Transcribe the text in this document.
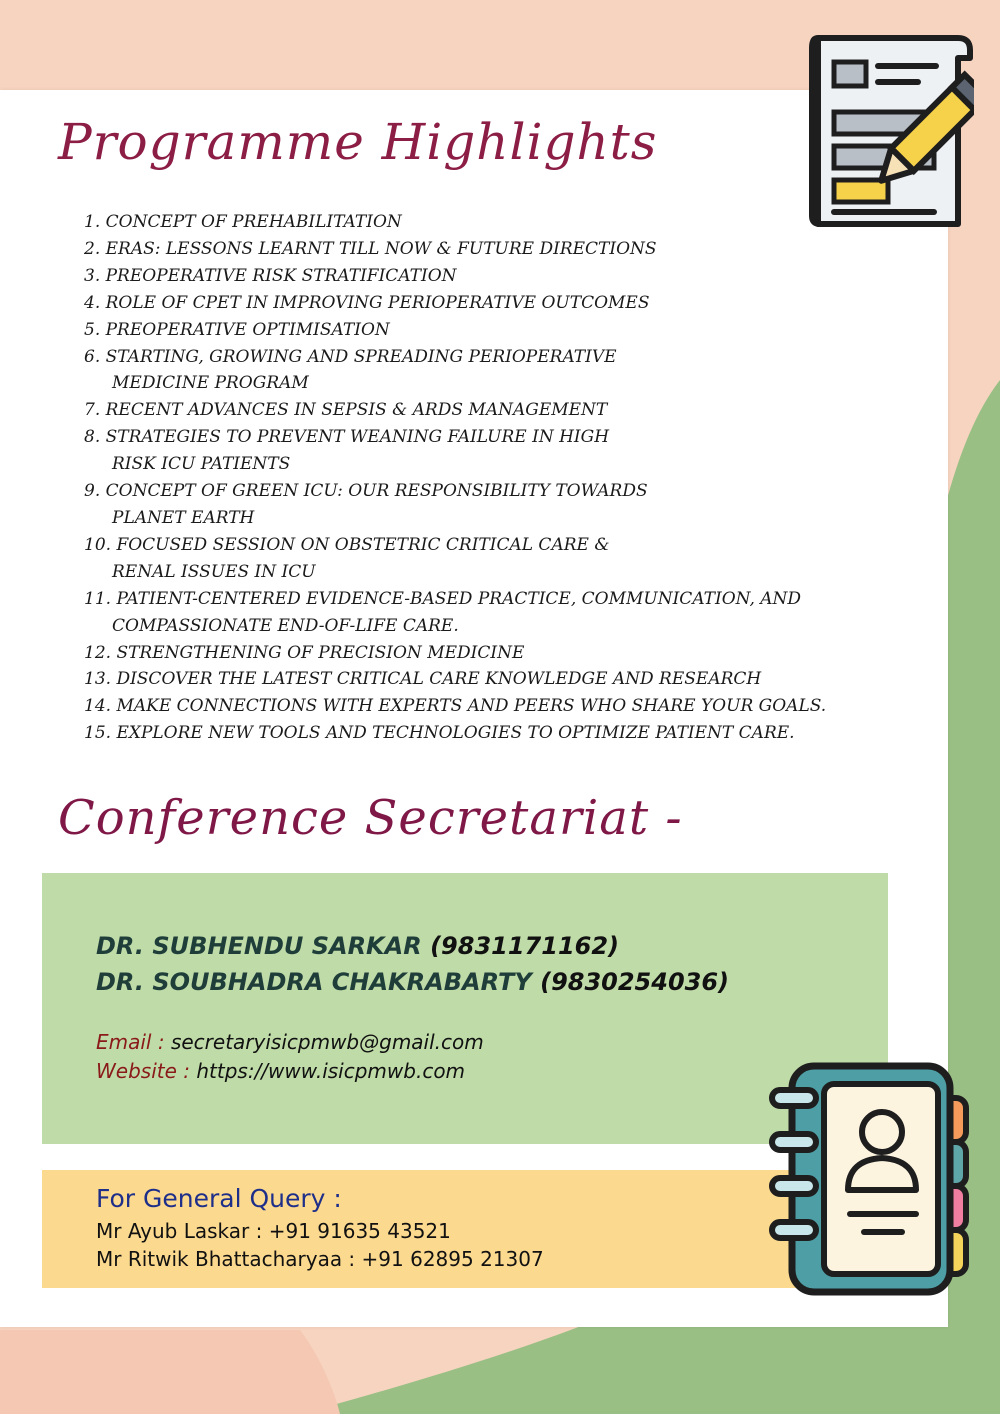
Programme Highlights
1. CONCEPT OF PREHABILITATION
2. ERAS: LESSONS LEARNT TILL NOW & FUTURE DIRECTIONS
3. PREOPERATIVE RISK STRATIFICATION
4. ROLE OF CPET IN IMPROVING PERIOPERATIVE OUTCOMES
5. PREOPERATIVE OPTIMISATION
6. STARTING, GROWING AND SPREADING PERIOPERATIVE
MEDICINE PROGRAM
7. RECENT ADVANCES IN SEPSIS & ARDS MANAGEMENT
8. STRATEGIES TO PREVENT WEANING FAILURE IN HIGH
RISK ICU PATIENTS
9. CONCEPT OF GREEN ICU: OUR RESPONSIBILITY TOWARDS
PLANET EARTH
10. FOCUSED SESSION ON OBSTETRIC CRITICAL CARE &
RENAL ISSUES IN ICU
11. PATIENT-CENTERED EVIDENCE-BASED PRACTICE, COMMUNICATION, AND
COMPASSIONATE END-OF-LIFE CARE.
12. STRENGTHENING OF PRECISION MEDICINE
13. DISCOVER THE LATEST CRITICAL CARE KNOWLEDGE AND RESEARCH
14. MAKE CONNECTIONS WITH EXPERTS AND PEERS WHO SHARE YOUR GOALS.
15. EXPLORE NEW TOOLS AND TECHNOLOGIES TO OPTIMIZE PATIENT CARE.
Conference Secretariat -

DR. SUBHENDU SARKAR (9831171162)

DR. SOUBHADRA CHAKRABARTY (9830254036)

Email : secretaryisicpmwb@gmail.com

Website : https://www.isicpmwb.com

For General Query :

Mr Ayub Laskar : +91 91635 43521

Mr Ritwik Bhattacharyaa : +91 62895 21307
